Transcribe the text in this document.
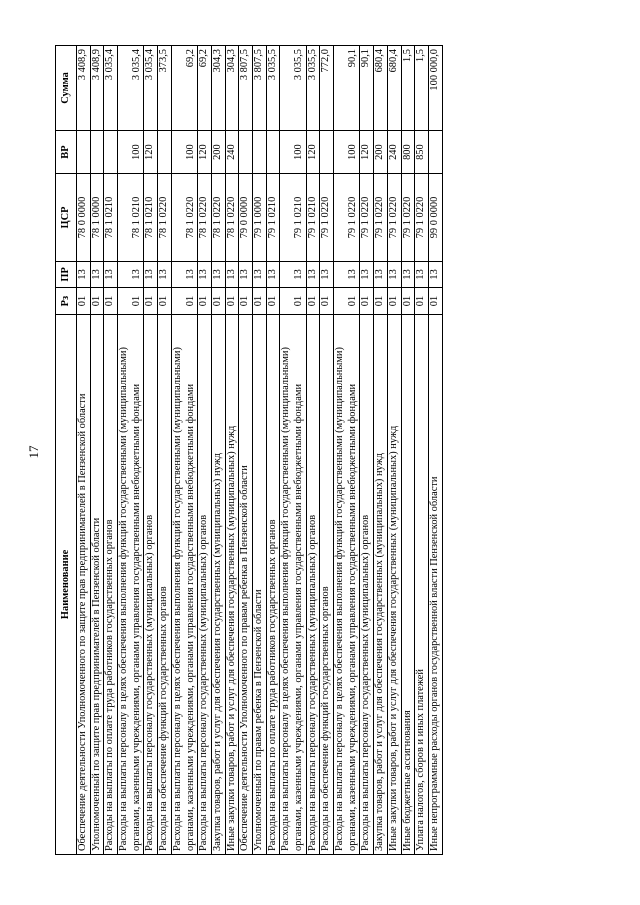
17
Наименование	Рз	ПР	ЦСР	ВР	Сумма
Обеспечение деятельности Уполномоченного по защите прав предпринимателей в Пензенской области	01	13	78 0 0000		3 408,9
Уполномоченный по защите прав предпринимателей в Пензенской области	01	13	78 1 0000		3 408,9
Расходы на выплаты по оплате труда работников государственных органов	01	13	78 1 0210		3 035,4
Расходы на выплаты персоналу в целях обеспечения выполнения функций государственными (муниципальными) органами, казенными учреждениями, органами управления государственными внебюджетными фондами	01	13	78 1 0210	100	3 035,4
Расходы на выплаты персоналу государственных (муниципальных) органов	01	13	78 1 0210	120	3 035,4
Расходы на обеспечение функций государственных органов	01	13	78 1 0220		373,5
Расходы на выплаты персоналу в целях обеспечения выполнения функций государственными (муниципальными) органами, казенными учреждениями, органами управления государственными внебюджетными фондами	01	13	78 1 0220	100	69,2
Расходы на выплаты персоналу государственных (муниципальных) органов	01	13	78 1 0220	120	69,2
Закупка товаров, работ и услуг для обеспечения государственных (муниципальных) нужд	01	13	78 1 0220	200	304,3
Иные закупки товаров, работ и услуг для обеспечения государственных (муниципальных) нужд	01	13	78 1 0220	240	304,3
Обеспечение деятельности Уполномоченного по правам ребенка в Пензенской области	01	13	79 0 0000		3 807,5
Уполномоченный по правам ребенка в Пензенской области	01	13	79 1 0000		3 807,5
Расходы на выплаты по оплате труда работников государственных органов	01	13	79 1 0210		3 035,5
Расходы на выплаты персоналу в целях обеспечения выполнения функций государственными (муниципальными) органами, казенными учреждениями, органами управления государственными внебюджетными фондами	01	13	79 1 0210	100	3 035,5
Расходы на выплаты персоналу государственных (муниципальных) органов	01	13	79 1 0210	120	3 035,5
Расходы на обеспечение функций государственных органов	01	13	79 1 0220		772,0
Расходы на выплаты персоналу в целях обеспечения выполнения функций государственными (муниципальными) органами, казенными учреждениями, органами управления государственными внебюджетными фондами	01	13	79 1 0220	100	90,1
Расходы на выплаты персоналу государственных (муниципальных) органов	01	13	79 1 0220	120	90,1
Закупка товаров, работ и услуг для обеспечения государственных (муниципальных) нужд	01	13	79 1 0220	200	680,4
Иные закупки товаров, работ и услуг для обеспечения государственных (муниципальных) нужд	01	13	79 1 0220	240	680,4
Иные бюджетные ассигнования	01	13	79 1 0220	800	1,5
Уплата налогов, сборов и иных платежей	01	13	79 1 0220	850	1,5
Иные непрограммные расходы органов государственной власти Пензенской области	01	13	99 0 0000		100 000,0
